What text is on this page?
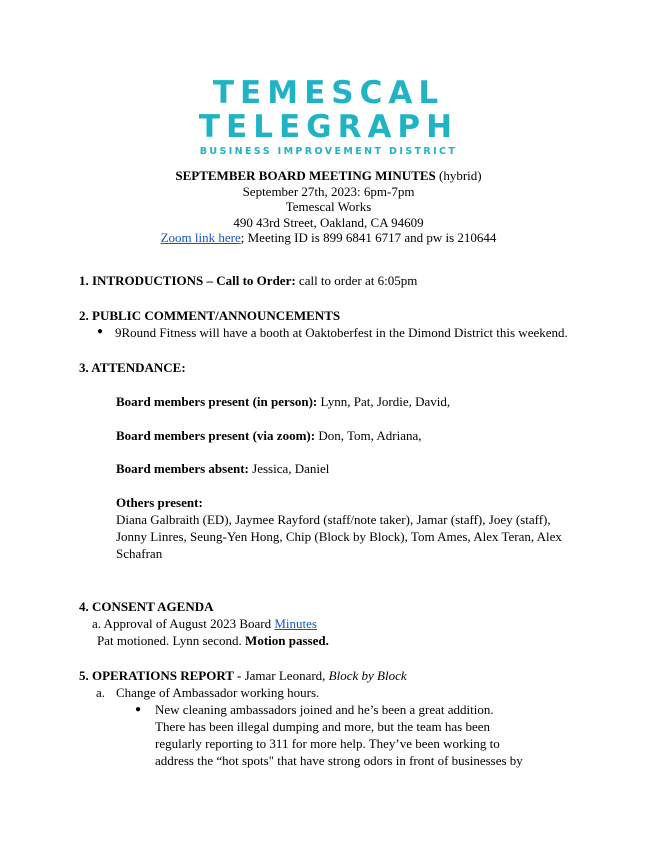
TEMESCAL
TELEGRAPH
BUSINESS IMPROVEMENT DISTRICT
SEPTEMBER BOARD MEETING MINUTES (hybrid)
September 27th, 2023: 6pm-7pm
Temescal Works
490 43rd Street, Oakland, CA 94609
Zoom link here; Meeting ID is 899 6841 6717 and pw is 210644
1. INTRODUCTIONS – Call to Order: call to order at 6:05pm
2. PUBLIC COMMENT/ANNOUNCEMENTS
● 9Round Fitness will have a booth at Oaktoberfest in the Dimond District this weekend.
3. ATTENDANCE:
Board members present (in person): Lynn, Pat, Jordie, David,
Board members present (via zoom): Don, Tom, Adriana,
Board members absent: Jessica, Daniel
Others present:
Diana Galbraith (ED), Jaymee Rayford (staff/note taker), Jamar (staff), Joey (staff),
Jonny Linres, Seung-Yen Hong, Chip (Block by Block), Tom Ames, Alex Teran, Alex
Schafran
4. CONSENT AGENDA
a. Approval of August 2023 Board Minutes
Pat motioned. Lynn second. Motion passed.
5. OPERATIONS REPORT - Jamar Leonard, Block by Block
a. Change of Ambassador working hours.
● New cleaning ambassadors joined and he’s been a great addition.
There has been illegal dumping and more, but the team has been
regularly reporting to 311 for more help. They’ve been working to
address the “hot spots" that have strong odors in front of businesses by
